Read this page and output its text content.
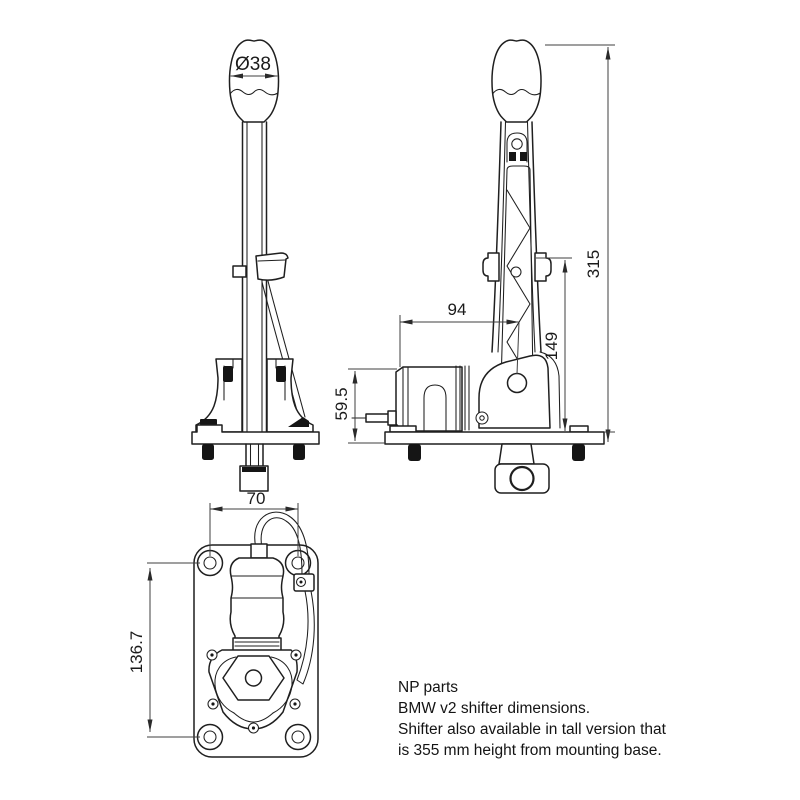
Ø38
94
149
315
59.5
70
136.7
NP parts
BMW v2 shifter dimensions.
Shifter also available in tall version that
is 355 mm height from mounting base.
